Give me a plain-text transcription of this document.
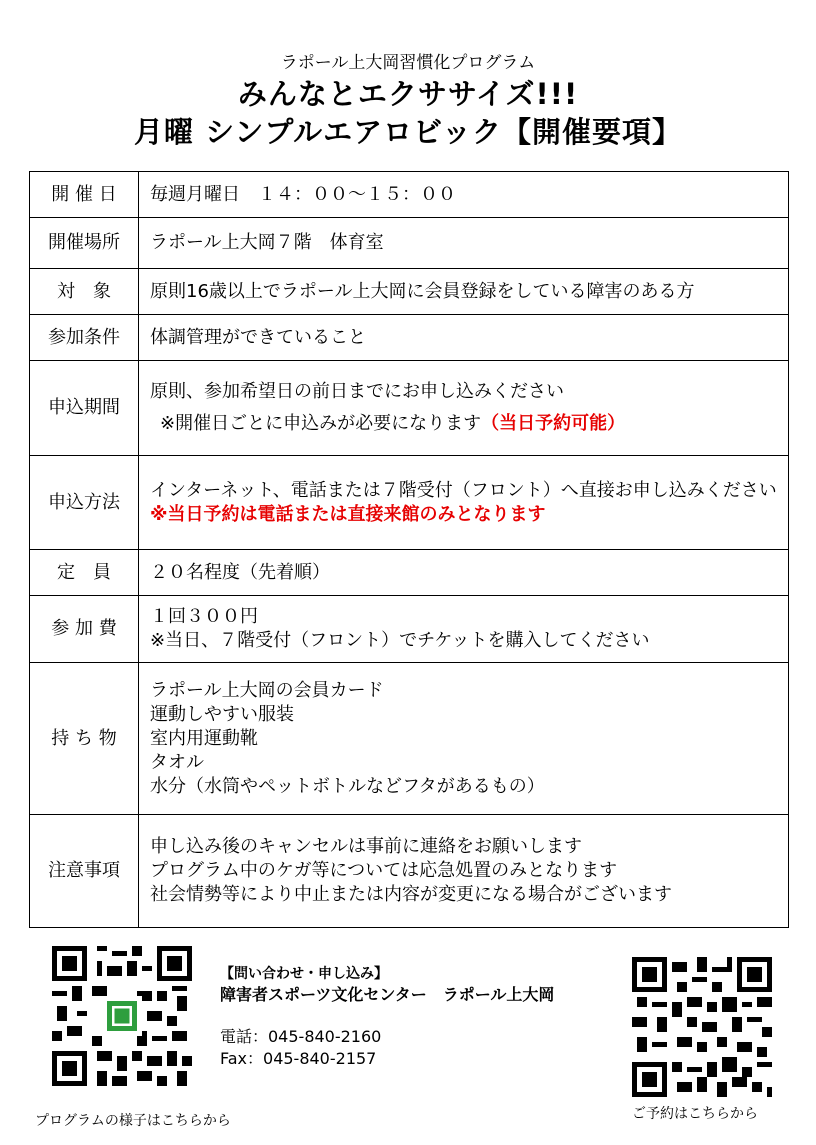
ラポール上大岡習慣化プログラム
みんなとエクササイズ!!!
月曜 シンプルエアロビック【開催要項】
開 催 日	毎週月曜日　１４：００～１５：００
開催場所	ラポール上大岡７階　体育室
対　象	原則16歳以上でラポール上大岡に会員登録をしている障害のある方
参加条件	体調管理ができていること
申込期間	原則、参加希望日の前日までにお申し込みください
※開催日ごとに申込みが必要になります（当日予約可能）
申込方法	インターネット、電話または７階受付（フロント）へ直接お申し込みください
※当日予約は電話または直接来館のみとなります

定　員	２０名程度（先着順）
参 加 費	１回３００円
※当日、７階受付（フロント）でチケットを購入してください

持 ち 物	ラポール上大岡の会員カード
運動しやすい服装
室内用運動靴
タオル
水分（水筒やペットボトルなどフタがあるもの）

注意事項	申し込み後のキャンセルは事前に連絡をお願いします
プログラム中のケガ等については応急処置のみとなります
社会情勢等により中止または内容が変更になる場合がございます
プログラムの様子はこちらから
【問い合わせ・申し込み】
障害者スポーツ文化センター　ラポール上大岡
電話：045-840-2160
Fax：045-840-2157
ご予約はこちらから
